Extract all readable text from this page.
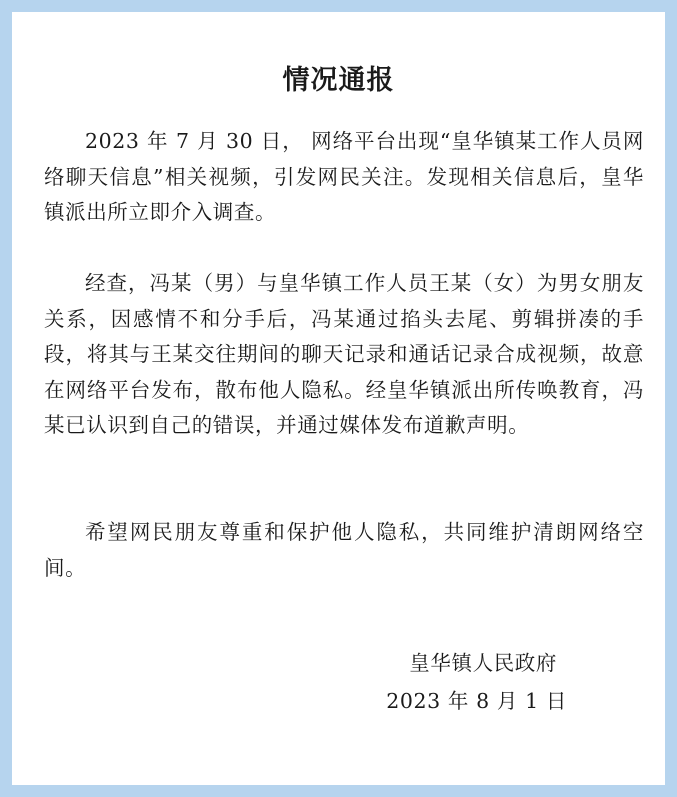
情况通报

2023 年 7 月 30 日， 网络平台出现“皇华镇某工作人员网络聊天信息”相关视频，引发网民关注。发现相关信息后，皇华镇派出所立即介入调查。

经查，冯某（男）与皇华镇工作人员王某（女）为男女朋友关系，因感情不和分手后，冯某通过掐头去尾、剪辑拼凑的手段，将其与王某交往期间的聊天记录和通话记录合成视频，故意在网络平台发布，散布他人隐私。经皇华镇派出所传唤教育，冯某已认识到自己的错误，并通过媒体发布道歉声明。

希望网民朋友尊重和保护他人隐私，共同维护清朗网络空间。

皇华镇人民政府
2023 年 8 月 1 日
